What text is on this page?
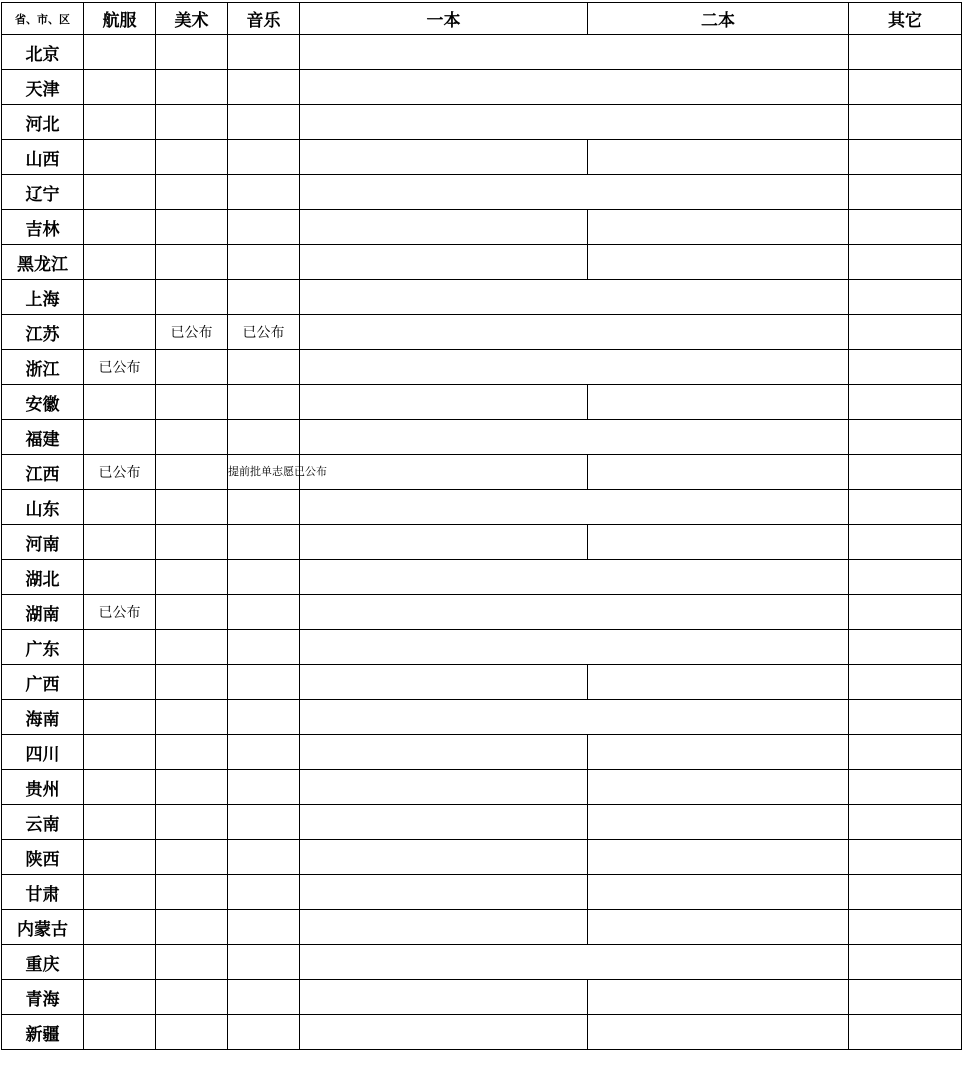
省、市、区	航服	美术	音乐	一本	二本	其它
北京						
天津						
河北						
山西						
辽宁						
吉林						
黑龙江						
上海						
江苏		已公布	已公布			
浙江	已公布					
安徽						
福建						
江西	已公布		提前批单志愿已公布			
山东						
河南						
湖北						
湖南	已公布					
广东						
广西						
海南						
四川						
贵州						
云南						
陕西						
甘肃						
内蒙古						
重庆						
青海						
新疆						
